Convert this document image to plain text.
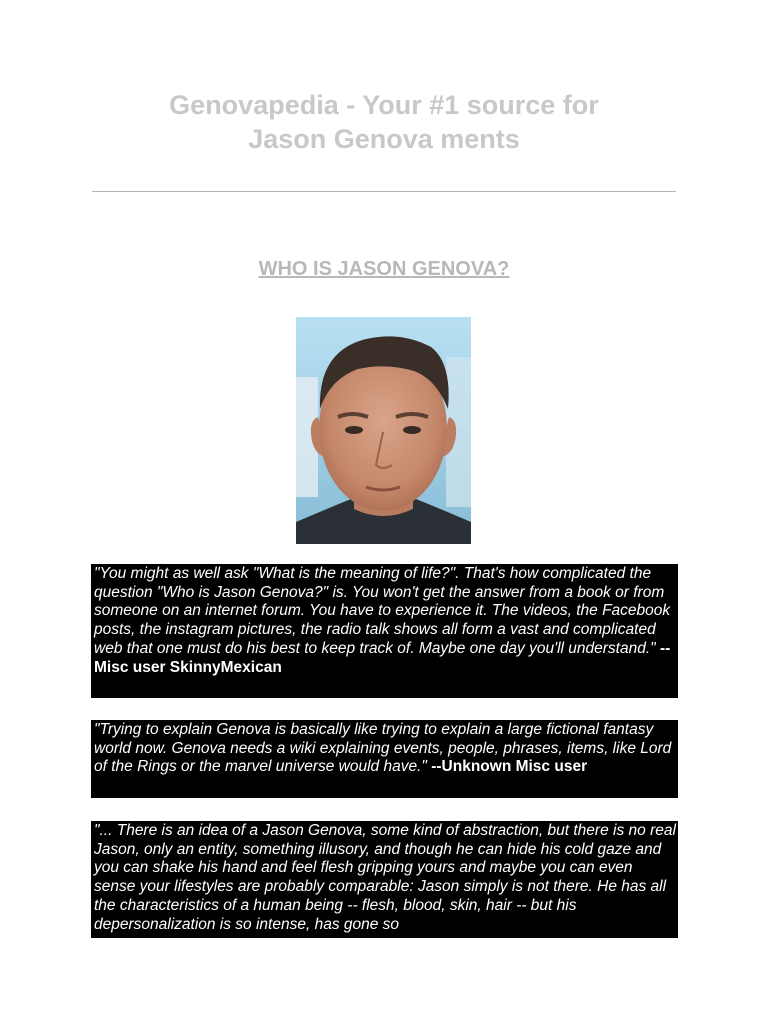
Genovapedia - Your #1 source for
Jason Genova ments
WHO IS JASON GENOVA?
"You might as well ask "What is the meaning of life?". That's how complicated the question "Who is Jason Genova?" is. You won't get the answer from a book or from someone on an internet forum. You have to experience it. The videos, the Facebook posts, the instagram pictures, the radio talk shows all form a vast and complicated web that one must do his best to keep track of. Maybe one day you'll understand." --Misc user SkinnyMexican
"Trying to explain Genova is basically like trying to explain a large fictional fantasy world now. Genova needs a wiki explaining events, people, phrases, items, like Lord of the Rings or the marvel universe would have." --Unknown Misc user
"... There is an idea of a Jason Genova, some kind of abstraction, but there is no real Jason, only an entity, something illusory, and though he can hide his cold gaze and you can shake his hand and feel flesh gripping yours and maybe you can even sense your lifestyles are probably comparable: Jason simply is not there. He has all the characteristics of a human being -- flesh, blood, skin, hair -- but his depersonalization is so intense, has gone so
